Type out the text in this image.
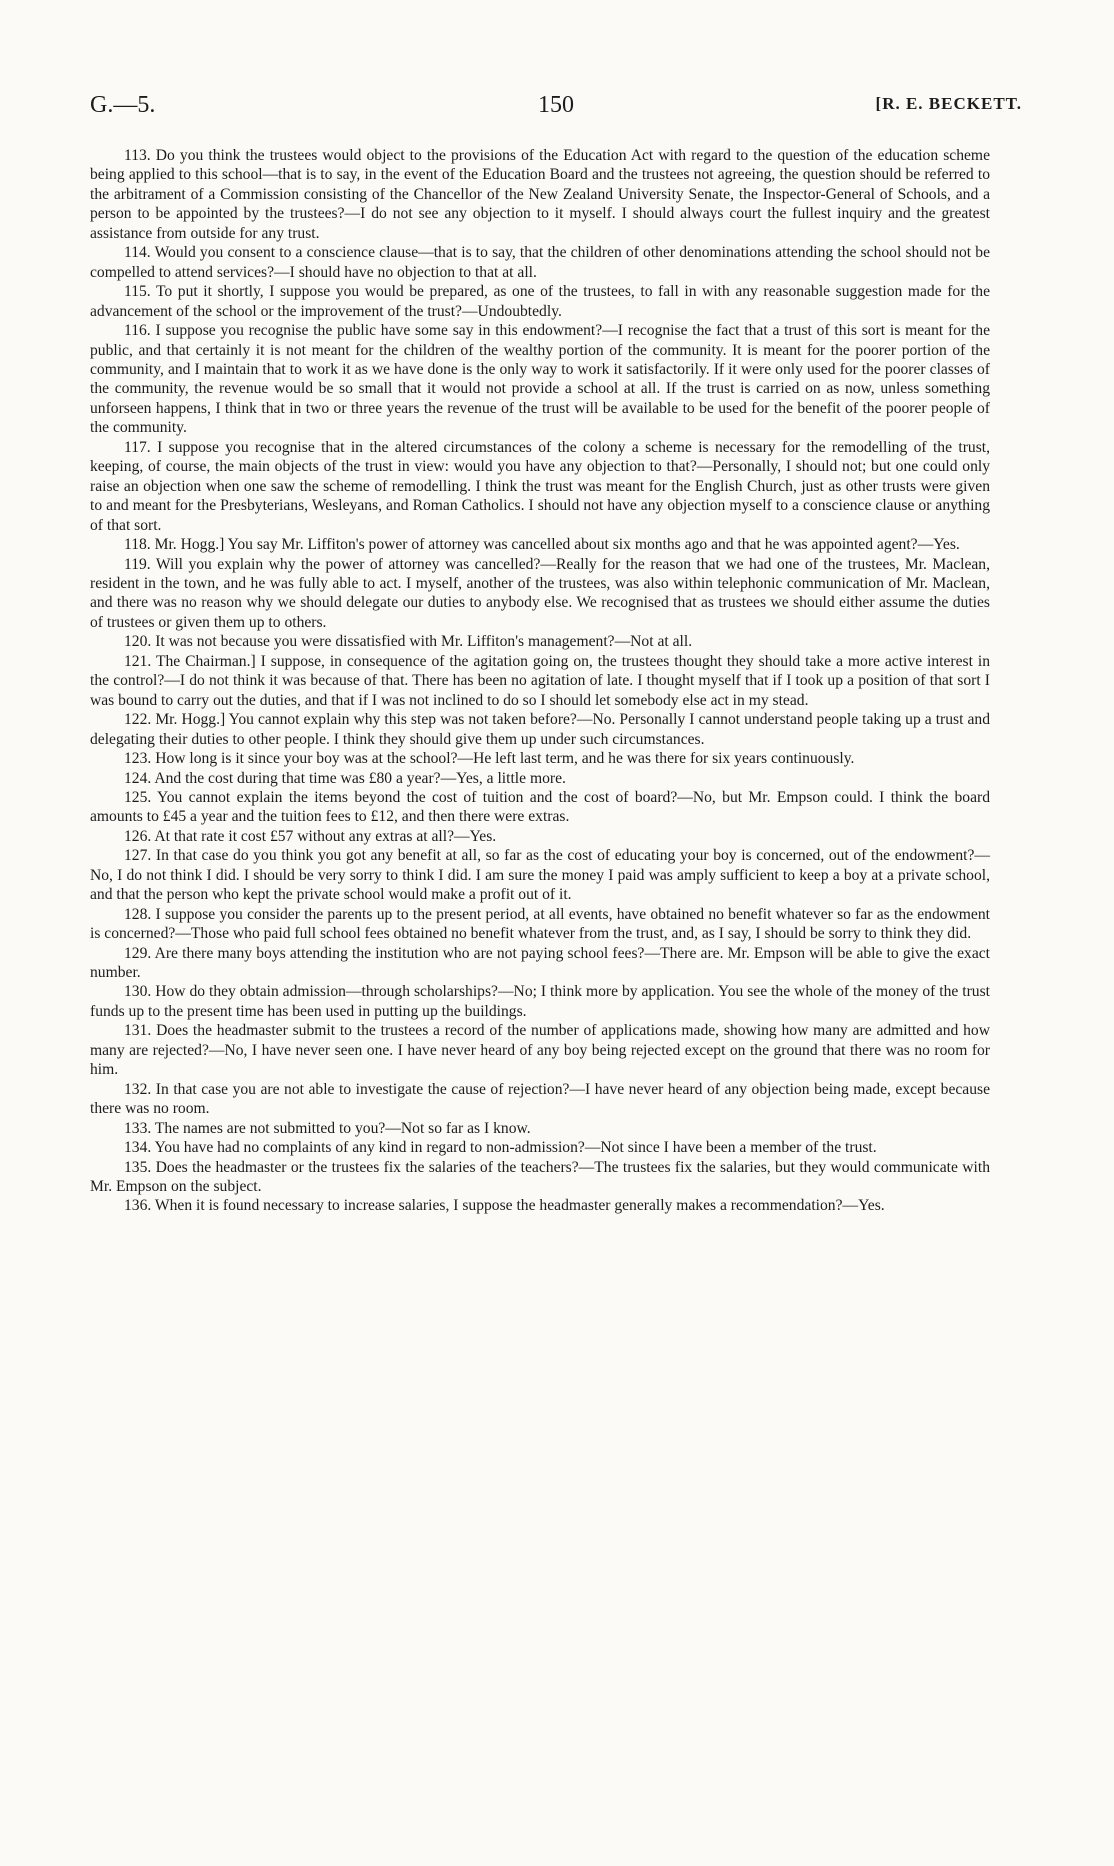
G.—5.	150	[R. E. BECKETT.

113. Do you think the trustees would object to the provisions of the Education Act with regard to the question of the education scheme being applied to this school—that is to say, in the event of the Education Board and the trustees not agreeing, the question should be referred to the arbitrament of a Commission consisting of the Chancellor of the New Zealand University Senate, the Inspector-General of Schools, and a person to be appointed by the trustees?—I do not see any objection to it myself. I should always court the fullest inquiry and the greatest assistance from outside for any trust.

114. Would you consent to a conscience clause—that is to say, that the children of other denominations attending the school should not be compelled to attend services?—I should have no objection to that at all.

115. To put it shortly, I suppose you would be prepared, as one of the trustees, to fall in with any reasonable suggestion made for the advancement of the school or the improvement of the trust?—Undoubtedly.

116. I suppose you recognise the public have some say in this endowment?—I recognise the fact that a trust of this sort is meant for the public, and that certainly it is not meant for the children of the wealthy portion of the community. It is meant for the poorer portion of the community, and I maintain that to work it as we have done is the only way to work it satisfactorily. If it were only used for the poorer classes of the community, the revenue would be so small that it would not provide a school at all. If the trust is carried on as now, unless something unforseen happens, I think that in two or three years the revenue of the trust will be available to be used for the benefit of the poorer people of the community.

117. I suppose you recognise that in the altered circumstances of the colony a scheme is necessary for the remodelling of the trust, keeping, of course, the main objects of the trust in view: would you have any objection to that?—Personally, I should not; but one could only raise an objection when one saw the scheme of remodelling. I think the trust was meant for the English Church, just as other trusts were given to and meant for the Presbyterians, Wesleyans, and Roman Catholics. I should not have any objection myself to a conscience clause or anything of that sort.

118. Mr. Hogg.] You say Mr. Liffiton's power of attorney was cancelled about six months ago and that he was appointed agent?—Yes.

119. Will you explain why the power of attorney was cancelled?—Really for the reason that we had one of the trustees, Mr. Maclean, resident in the town, and he was fully able to act. I myself, another of the trustees, was also within telephonic communication of Mr. Maclean, and there was no reason why we should delegate our duties to anybody else. We recognised that as trustees we should either assume the duties of trustees or given them up to others.

120. It was not because you were dissatisfied with Mr. Liffiton's management?—Not at all.

121. The Chairman.] I suppose, in consequence of the agitation going on, the trustees thought they should take a more active interest in the control?—I do not think it was because of that. There has been no agitation of late. I thought myself that if I took up a position of that sort I was bound to carry out the duties, and that if I was not inclined to do so I should let somebody else act in my stead.

122. Mr. Hogg.] You cannot explain why this step was not taken before?—No. Personally I cannot understand people taking up a trust and delegating their duties to other people. I think they should give them up under such circumstances.

123. How long is it since your boy was at the school?—He left last term, and he was there for six years continuously.

124. And the cost during that time was £80 a year?—Yes, a little more.

125. You cannot explain the items beyond the cost of tuition and the cost of board?—No, but Mr. Empson could. I think the board amounts to £45 a year and the tuition fees to £12, and then there were extras.

126. At that rate it cost £57 without any extras at all?—Yes.

127. In that case do you think you got any benefit at all, so far as the cost of educating your boy is concerned, out of the endowment?—No, I do not think I did. I should be very sorry to think I did. I am sure the money I paid was amply sufficient to keep a boy at a private school, and that the person who kept the private school would make a profit out of it.

128. I suppose you consider the parents up to the present period, at all events, have obtained no benefit whatever so far as the endowment is concerned?—Those who paid full school fees obtained no benefit whatever from the trust, and, as I say, I should be sorry to think they did.

129. Are there many boys attending the institution who are not paying school fees?—There are. Mr. Empson will be able to give the exact number.

130. How do they obtain admission—through scholarships?—No; I think more by application. You see the whole of the money of the trust funds up to the present time has been used in putting up the buildings.

131. Does the headmaster submit to the trustees a record of the number of applications made, showing how many are admitted and how many are rejected?—No, I have never seen one. I have never heard of any boy being rejected except on the ground that there was no room for him.

132. In that case you are not able to investigate the cause of rejection?—I have never heard of any objection being made, except because there was no room.

133. The names are not submitted to you?—Not so far as I know.

134. You have had no complaints of any kind in regard to non-admission?—Not since I have been a member of the trust.

135. Does the headmaster or the trustees fix the salaries of the teachers?—The trustees fix the salaries, but they would communicate with Mr. Empson on the subject.

136. When it is found necessary to increase salaries, I suppose the headmaster generally makes a recommendation?—Yes.
